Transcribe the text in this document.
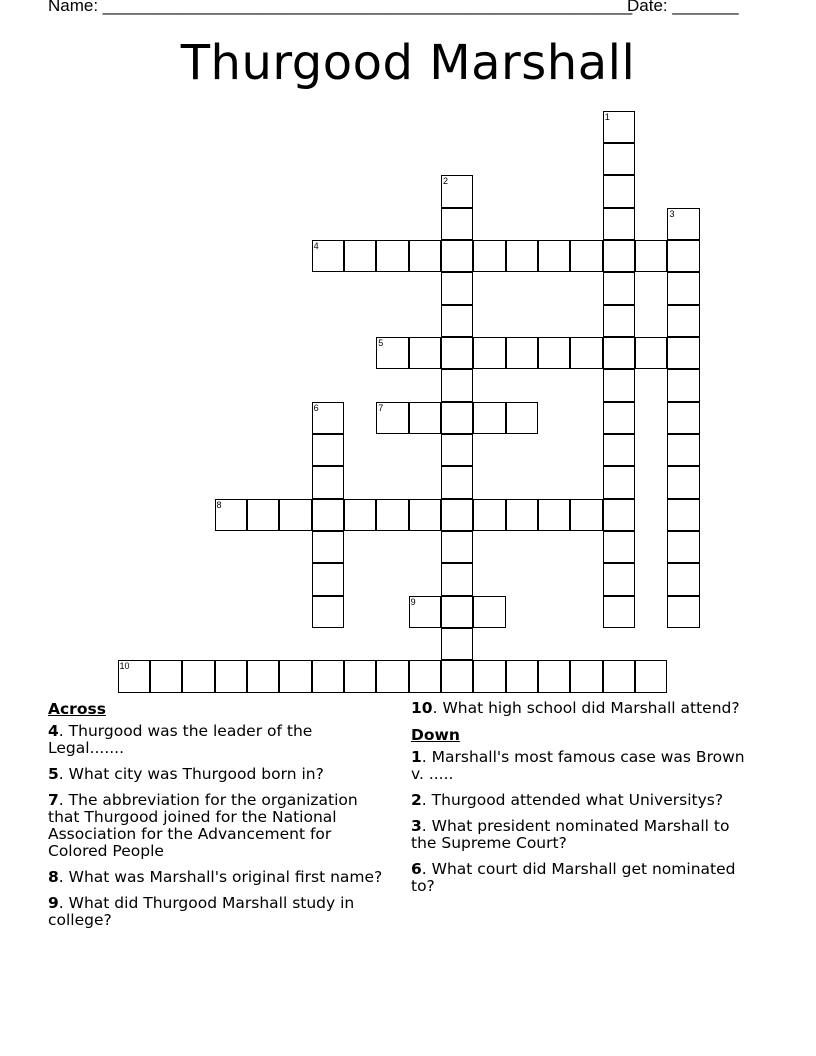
Name: ________________________________________________________
Date: _______
Thurgood Marshall
1
2
3
4
5
6	7
8
9
10
Across
4. Thurgood was the leader of the Legal.......
5. What city was Thurgood born in?
7. The abbreviation for the organization that Thurgood joined for the National Association for the Advancement for Colored People
8. What was Marshall's original first name?
9. What did Thurgood Marshall study in college?
10. What high school did Marshall attend?
Down
1. Marshall's most famous case was Brown v. .....
2. Thurgood attended what Universitys?
3. What president nominated Marshall to the Supreme Court?
6. What court did Marshall get nominated to?
